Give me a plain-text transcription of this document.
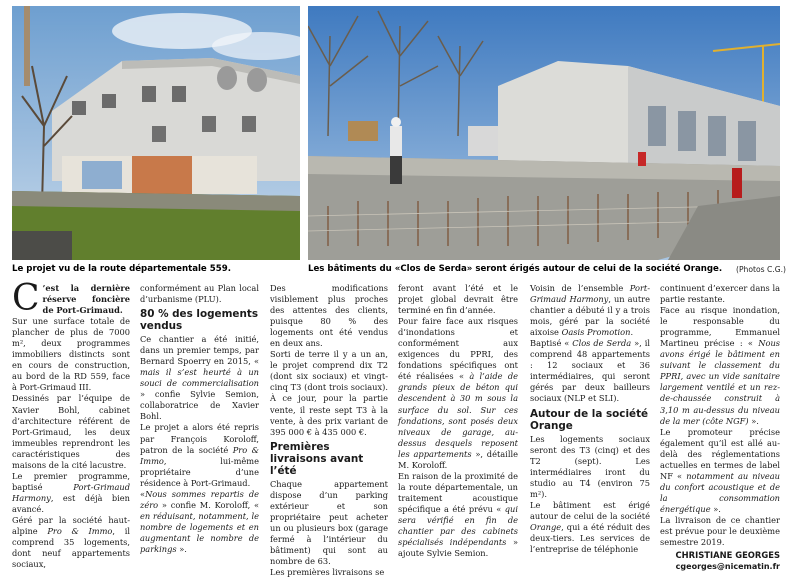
Le projet vu de la route départementale 559.	Les bâtiments du «Clos de Serda» seront érigés autour de celui de la société Orange. (Photos C.G.)

C ’est la dernière réserve foncière de Port-Grimaud.

Sur une surface totale de plancher de plus de 7000 m², deux programmes immobiliers distincts sont en cours de construction, au bord de la RD 559, face à Port-Grimaud III.

Dessinés par l’équipe de Xavier Bohl, cabinet d’architecture référent de Port-Grimaud, les deux immeubles reprendront les caractéristiques des maisons de la cité lacustre.

Le premier programme, baptisé Port-Grimaud Harmony, est déjà bien avancé.

Géré par la société haut-alpine Pro & Immo, il comprend 35 logements, dont neuf appartements sociaux,

conformément au Plan local d’urbanisme (PLU).

80 % des logements vendus

Ce chantier a été initié, dans un premier temps, par Bernard Spoerry en 2015, « mais il s’est heurté à un souci de commercialisation » confie Sylvie Semion, collaboratrice de Xavier Bohl.

Le projet a alors été repris par François Koroloff, patron de la société Pro & Immo, lui-même propriétaire d’une résidence à Port-Grimaud.

«Nous sommes repartis de zéro » confie M. Koroloff, « en réduisant, notamment, le nombre de logements et en augmentant le nombre de parkings ».

Des modifications visiblement plus proches des attentes des clients, puisque 80 % des logements ont été vendus en deux ans.

Sorti de terre il y a un an, le projet comprend dix T2 (dont six sociaux) et vingt-cinq T3 (dont trois sociaux). À ce jour, pour la partie vente, il reste sept T3 à la vente, à des prix variant de 395 000 € à 435 000 €.

Premières livraisons avant l’été

Chaque appartement dispose d’un parking extérieur et son propriétaire peut acheter un ou plusieurs box (garage fermé à l’intérieur du bâtiment) qui sont au nombre de 63.

Les premières livraisons se

feront avant l’été et le projet global devrait être terminé en fin d’année.

Pour faire face aux risques d’inondations et conformément aux exigences du PPRI, des fondations spécifiques ont été réalisées « à l’aide de grands pieux de béton qui descendent à 30 m sous la surface du sol. Sur ces fondations, sont posés deux niveaux de garage, au-dessus desquels reposent les appartements », détaille M. Koroloff.

En raison de la proximité de la route départementale, un traitement acoustique spécifique a été prévu « qui sera vérifié en fin de chantier par des cabinets spécialisés indépendants » ajoute Sylvie Semion.

Voisin de l’ensemble Port-Grimaud Harmony, un autre chantier a débuté il y a trois mois, géré par la société aixoise Oasis Promotion.

Baptisé « Clos de Serda », il comprend 48 appartements : 12 sociaux et 36 intermédiaires, qui seront gérés par deux bailleurs sociaux (NLP et SLI).

Autour de la société Orange

Les logements sociaux seront des T3 (cinq) et des T2 (sept). Les intermédiaires iront du studio au T4 (environ 75 m²).

Le bâtiment est érigé autour de celui de la société Orange, qui a été réduit des deux-tiers. Les services de l’entreprise de téléphonie

continuent d’exercer dans la partie restante.

Face au risque inondation, le responsable du programme, Emmanuel Martineu précise : « Nous avons érigé le bâtiment en suivant le classement du PPRI, avec un vide sanitaire largement ventilé et un rez-de-chaussée construit à 3,10 m au-dessus du niveau de la mer (côte NGF) ».

Le promoteur précise également qu’il est allé au-delà des réglementations actuelles en termes de label NF « notamment au niveau du confort acoustique et de la consommation énergétique ».

La livraison de ce chantier est prévue pour le deuxième semestre 2019.

CHRISTIANE GEORGES
cgeorges@nicematin.fr
